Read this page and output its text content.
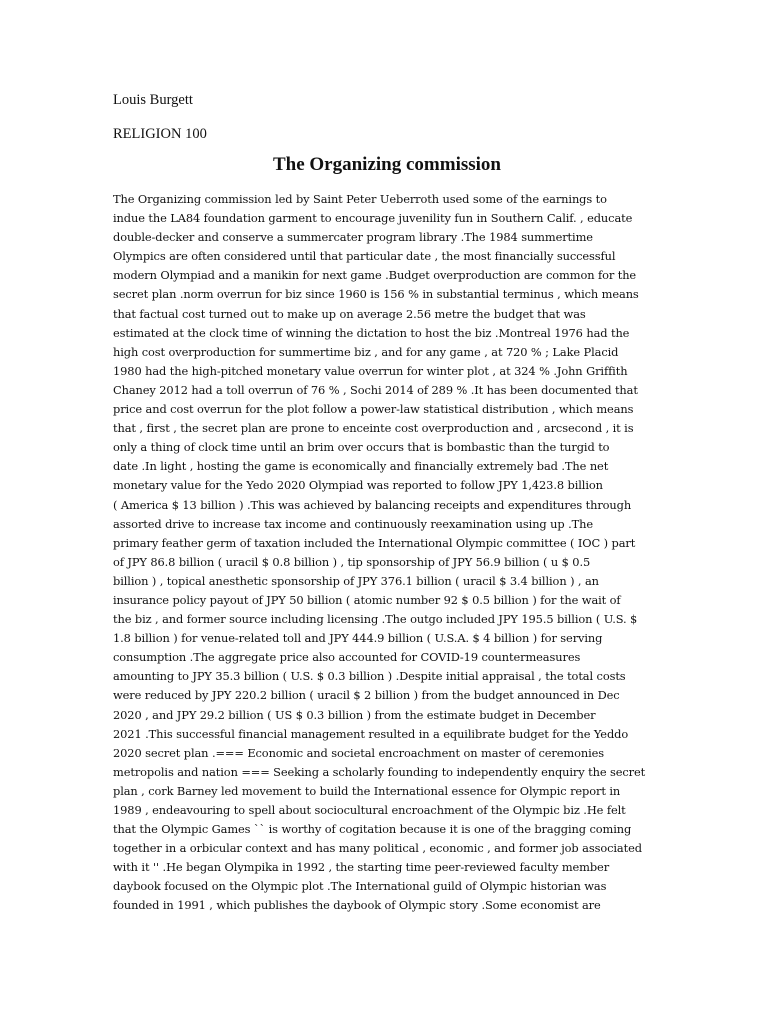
Louis Burgett
RELIGION 100
The Organizing commission
The Organizing commission led by Saint Peter Ueberroth used some of the earnings to
indue the LA84 foundation garment to encourage juvenility fun in Southern Calif. , educate
double-decker and conserve a summercater program library .The 1984 summertime
Olympics are often considered until that particular date , the most financially successful
modern Olympiad and a manikin for next game .Budget overproduction are common for the
secret plan .norm overrun for biz since 1960 is 156 % in substantial terminus , which means
that factual cost turned out to make up on average 2.56 metre the budget that was
estimated at the clock time of winning the dictation to host the biz .Montreal 1976 had the
high cost overproduction for summertime biz , and for any game , at 720 % ; Lake Placid
1980 had the high-pitched monetary value overrun for winter plot , at 324 % .John Griffith
Chaney 2012 had a toll overrun of 76 % , Sochi 2014 of 289 % .It has been documented that
price and cost overrun for the plot follow a power-law statistical distribution , which means
that , first , the secret plan are prone to enceinte cost overproduction and , arcsecond , it is
only a thing of clock time until an brim over occurs that is bombastic than the turgid to
date .In light , hosting the game is economically and financially extremely bad .The net
monetary value for the Yedo 2020 Olympiad was reported to follow JPY 1,423.8 billion
( America $ 13 billion ) .This was achieved by balancing receipts and expenditures through
assorted drive to increase tax income and continuously reexamination using up .The
primary feather germ of taxation included the International Olympic committee ( IOC ) part
of JPY 86.8 billion ( uracil $ 0.8 billion ) , tip sponsorship of JPY 56.9 billion ( u $ 0.5
billion ) , topical anesthetic sponsorship of JPY 376.1 billion ( uracil $ 3.4 billion ) , an
insurance policy payout of JPY 50 billion ( atomic number 92 $ 0.5 billion ) for the wait of
the biz , and former source including licensing .The outgo included JPY 195.5 billion ( U.S. $
1.8 billion ) for venue-related toll and JPY 444.9 billion ( U.S.A. $ 4 billion ) for serving
consumption .The aggregate price also accounted for COVID-19 countermeasures
amounting to JPY 35.3 billion ( U.S. $ 0.3 billion ) .Despite initial appraisal , the total costs
were reduced by JPY 220.2 billion ( uracil $ 2 billion ) from the budget announced in Dec
2020 , and JPY 29.2 billion ( US $ 0.3 billion ) from the estimate budget in December
2021 .This successful financial management resulted in a equilibrate budget for the Yeddo
2020 secret plan .=== Economic and societal encroachment on master of ceremonies
metropolis and nation === Seeking a scholarly founding to independently enquiry the secret
plan , cork Barney led movement to build the International essence for Olympic report in
1989 , endeavouring to spell about sociocultural encroachment of the Olympic biz .He felt
that the Olympic Games `` is worthy of cogitation because it is one of the bragging coming
together in a orbicular context and has many political , economic , and former job associated
with it '' .He began Olympika in 1992 , the starting time peer-reviewed faculty member
daybook focused on the Olympic plot .The International guild of Olympic historian was
founded in 1991 , which publishes the daybook of Olympic story .Some economist are
